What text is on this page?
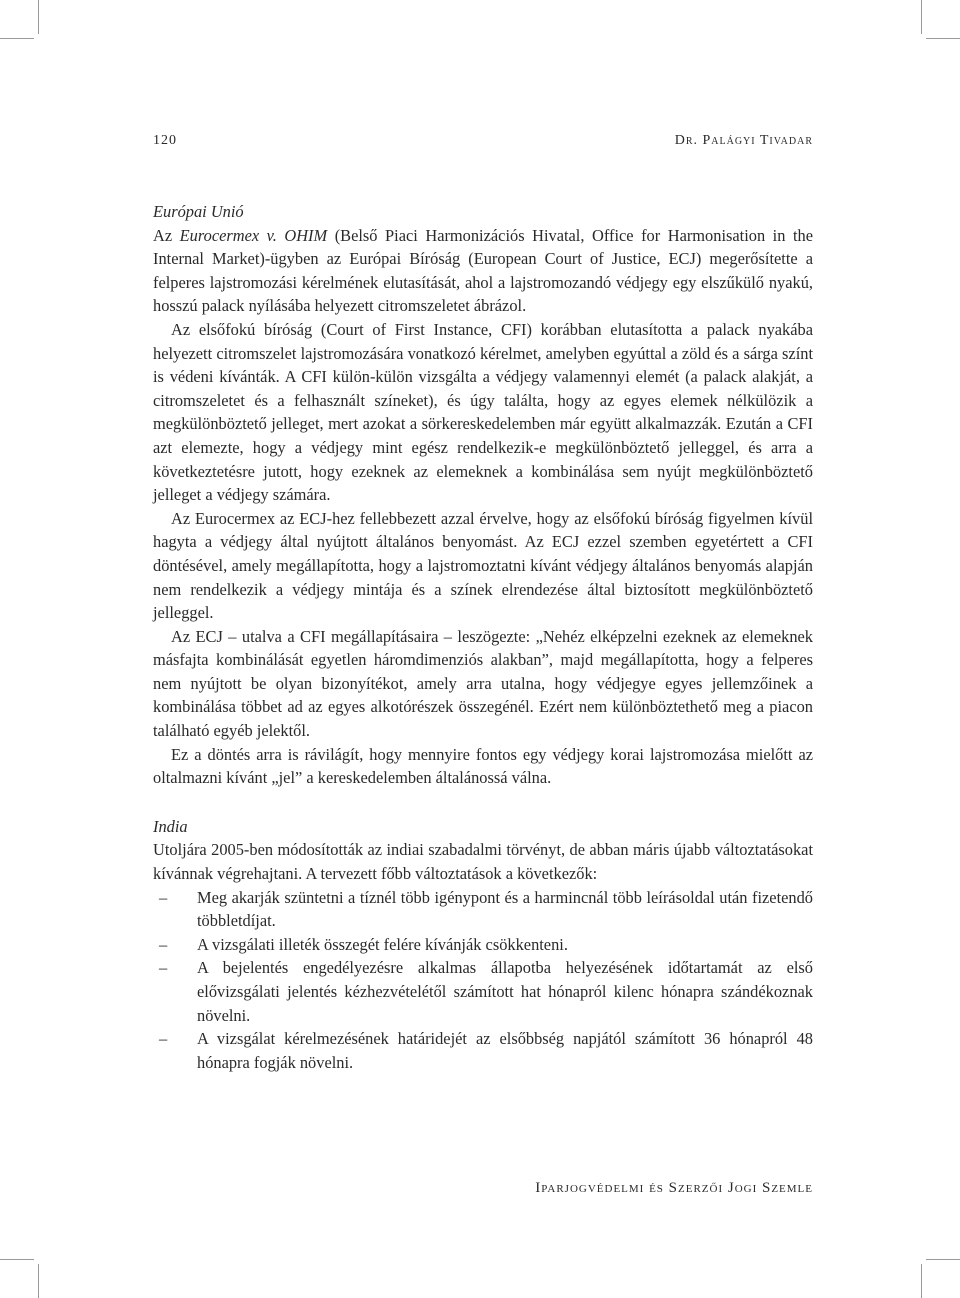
120	Dr. Palágyi Tivadar

Európai Unió

Az Eurocermex v. OHIM (Belső Piaci Harmonizációs Hivatal, Office for Harmonisation in the Internal Market)-ügyben az Európai Bíróság (European Court of Justice, ECJ) megerősítette a felperes lajstromozási kérelmének elutasítását, ahol a lajstromozandó védjegy egy elszűkülő nyakú, hosszú palack nyílásába helyezett citromszeletet ábrázol.

Az elsőfokú bíróság (Court of First Instance, CFI) korábban elutasította a palack nyakába helyezett citromszelet lajstromozására vonatkozó kérelmet, amelyben egyúttal a zöld és a sárga színt is védeni kívánták. A CFI külön-külön vizsgálta a védjegy valamennyi elemét (a palack alakját, a citromszeletet és a felhasznált színeket), és úgy találta, hogy az egyes elemek nélkülözik a megkülönböztető jelleget, mert azokat a sörkereskedelemben már együtt alkalmazzák. Ezután a CFI azt elemezte, hogy a védjegy mint egész rendelkezik-e megkülönböztető jelleggel, és arra a következtetésre jutott, hogy ezeknek az elemeknek a kombinálása sem nyújt megkülönböztető jelleget a védjegy számára.

Az Eurocermex az ECJ-hez fellebbezett azzal érvelve, hogy az elsőfokú bíróság figyelmen kívül hagyta a védjegy által nyújtott általános benyomást. Az ECJ ezzel szemben egyetértett a CFI döntésével, amely megállapította, hogy a lajstromoztatni kívánt védjegy általános benyomás alapján nem rendelkezik a védjegy mintája és a színek elrendezése által biztosított megkülönböztető jelleggel.

Az ECJ – utalva a CFI megállapításaira – leszögezte: „Nehéz elképzelni ezeknek az elemeknek másfajta kombinálását egyetlen háromdimenziós alakban”, majd megállapította, hogy a felperes nem nyújtott be olyan bizonyítékot, amely arra utalna, hogy védjegye egyes jellemzőinek a kombinálása többet ad az egyes alkotórészek összegénél. Ezért nem különböztethető meg a piacon található egyéb jelektől.

Ez a döntés arra is rávilágít, hogy mennyire fontos egy védjegy korai lajstromozása mielőtt az oltalmazni kívánt „jel” a kereskedelemben általánossá válna.

India

Utoljára 2005-ben módosították az indiai szabadalmi törvényt, de abban máris újabb változtatásokat kívánnak végrehajtani. A tervezett főbb változtatások a következők:

– Meg akarják szüntetni a tíznél több igénypont és a harmincnál több leírásoldal után fizetendő többletdíjat.
– A vizsgálati illeték összegét felére kívánják csökkenteni.
– A bejelentés engedélyezésre alkalmas állapotba helyezésének időtartamát az első elővizsgálati jelentés kézhezvételétől számított hat hónapról kilenc hónapra szándékoznak növelni.
– A vizsgálat kérelmezésének határidejét az elsőbbség napjától számított 36 hónapról 48 hónapra fogják növelni.
Iparjogvédelmi és Szerzői Jogi Szemle
